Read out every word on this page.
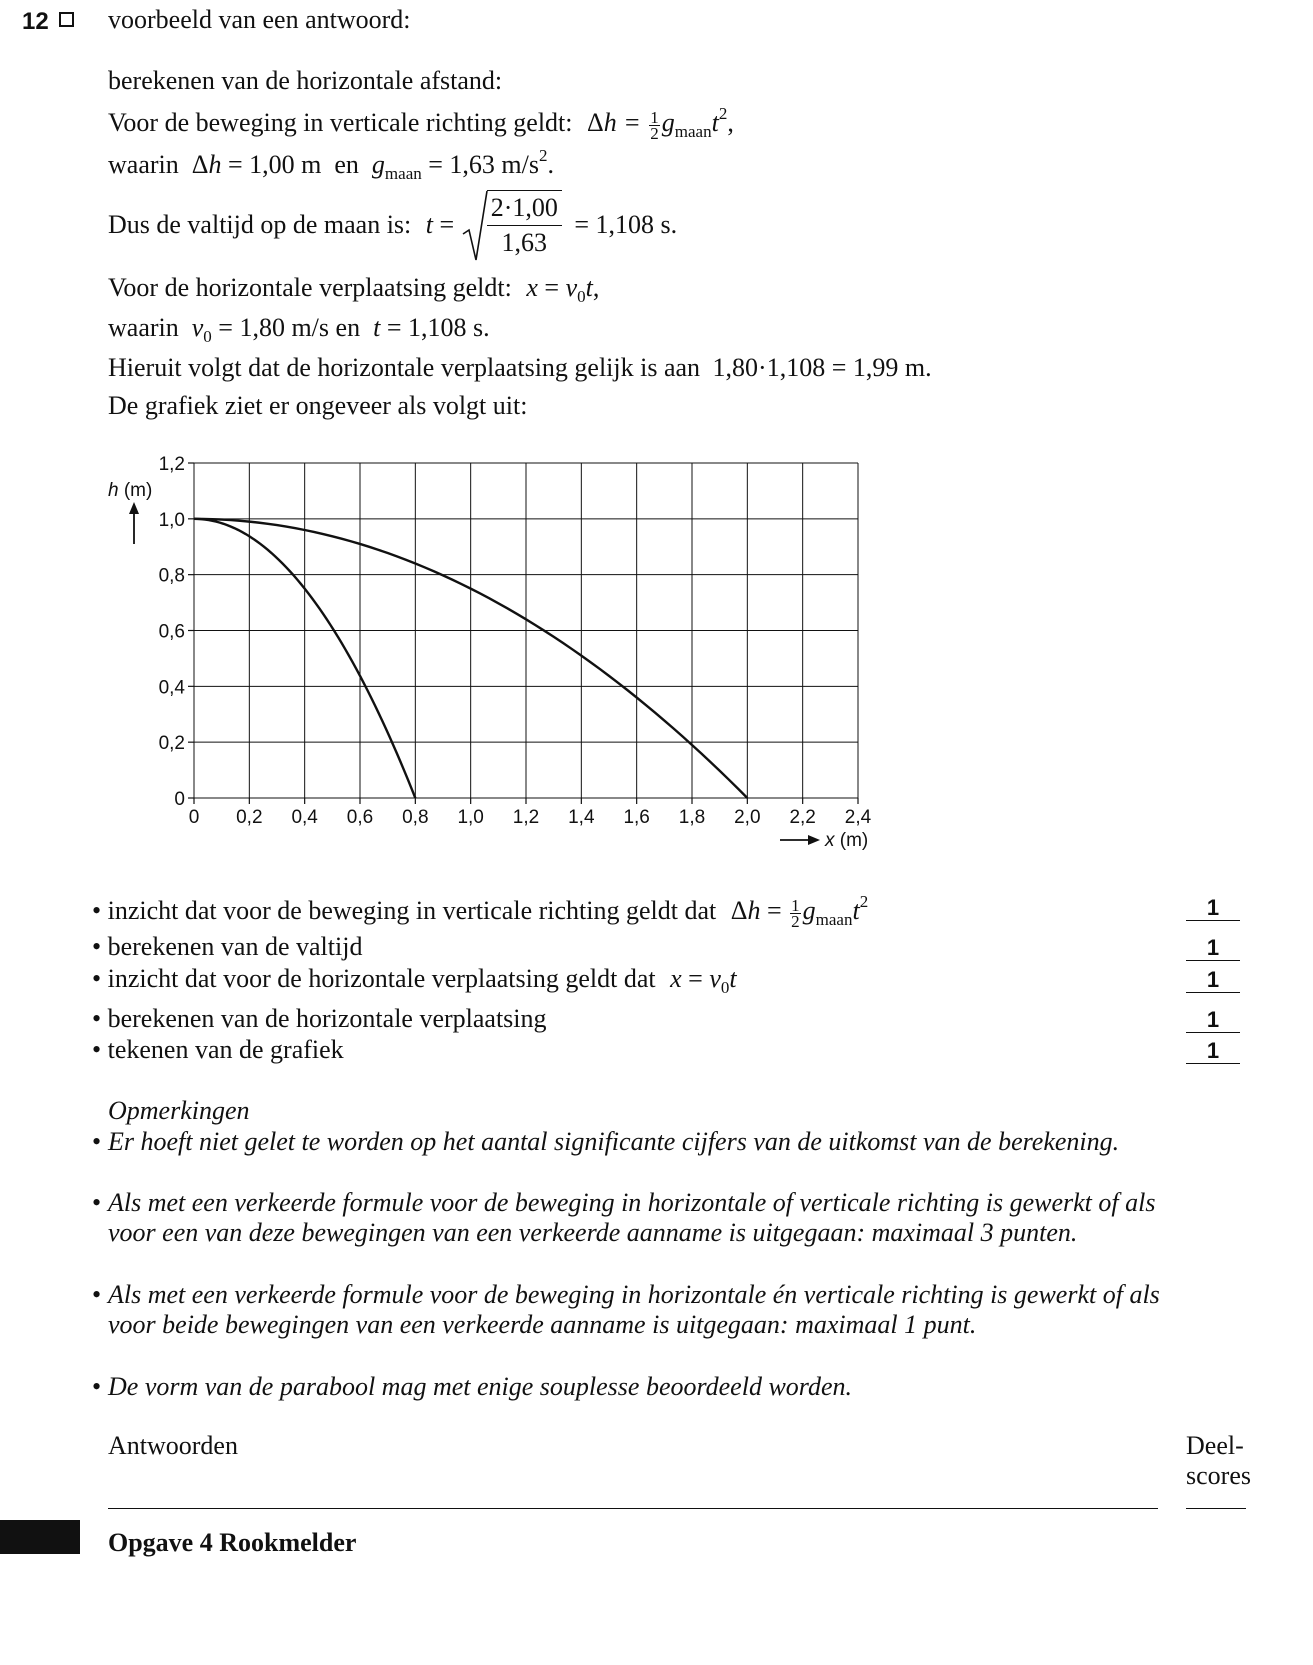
12	voorbeeld van een antwoord:
berekenen van de horizontale afstand:
Voor de beweging in verticale richting geldt: $\Delta h = \frac{1}{2} g_{maan}t^2$,
waarin Δh = 1,00 m en $g_{maan} = 1,63$ $m/s^2$.
Dus de valtijd op de maan is: $t = \frac{2\cdot 1,00}{1,63} = 1,108$ s.
Voor de horizontale verplaatsing geldt: $x = v_0t$,
waarin $v_0 = 1,80$ m/s en t = 1,108 s.
Hieruit volgt dat de horizontale verplaatsing gelijk is aan 1,80·1,108 = 1,99 m.
De grafiek ziet er ongeveer als volgt uit:
0
0,2
0,4
0,6
0,8
1,0
1,2
0 0,2 0,4 0,6 0,8 1,0 1,2 1,4 1,6 1,8 2,0 2,2 2,4
h (m)
x (m)
• inzicht dat voor de beweging in verticale richting geldt dat $\Delta h = \frac{1}{2} g_{maan}t^2$
• berekenen van de valtijd
• inzicht dat voor de horizontale verplaatsing geldt dat $x = v_0t$
• berekenen van de horizontale verplaatsing
• tekenen van de grafiek
1
1
1
1
1
Opmerkingen
• Er hoeft niet gelet te worden op het aantal significante cijfers van de uitkomst van de berekening.
• Als met een verkeerde formule voor de beweging in horizontale of verticale richting is gewerkt of als voor een van deze bewegingen van een verkeerde aanname is uitgegaan: maximaal 3 punten.
• Als met een verkeerde formule voor de beweging in horizontale én verticale richting is gewerkt of als voor beide bewegingen van een verkeerde aanname is uitgegaan: maximaal 1 punt.
• De vorm van de parabool mag met enige souplesse beoordeeld worden.
Antwoorden	Deel-
scores
Opgave 4 Rookmelder
